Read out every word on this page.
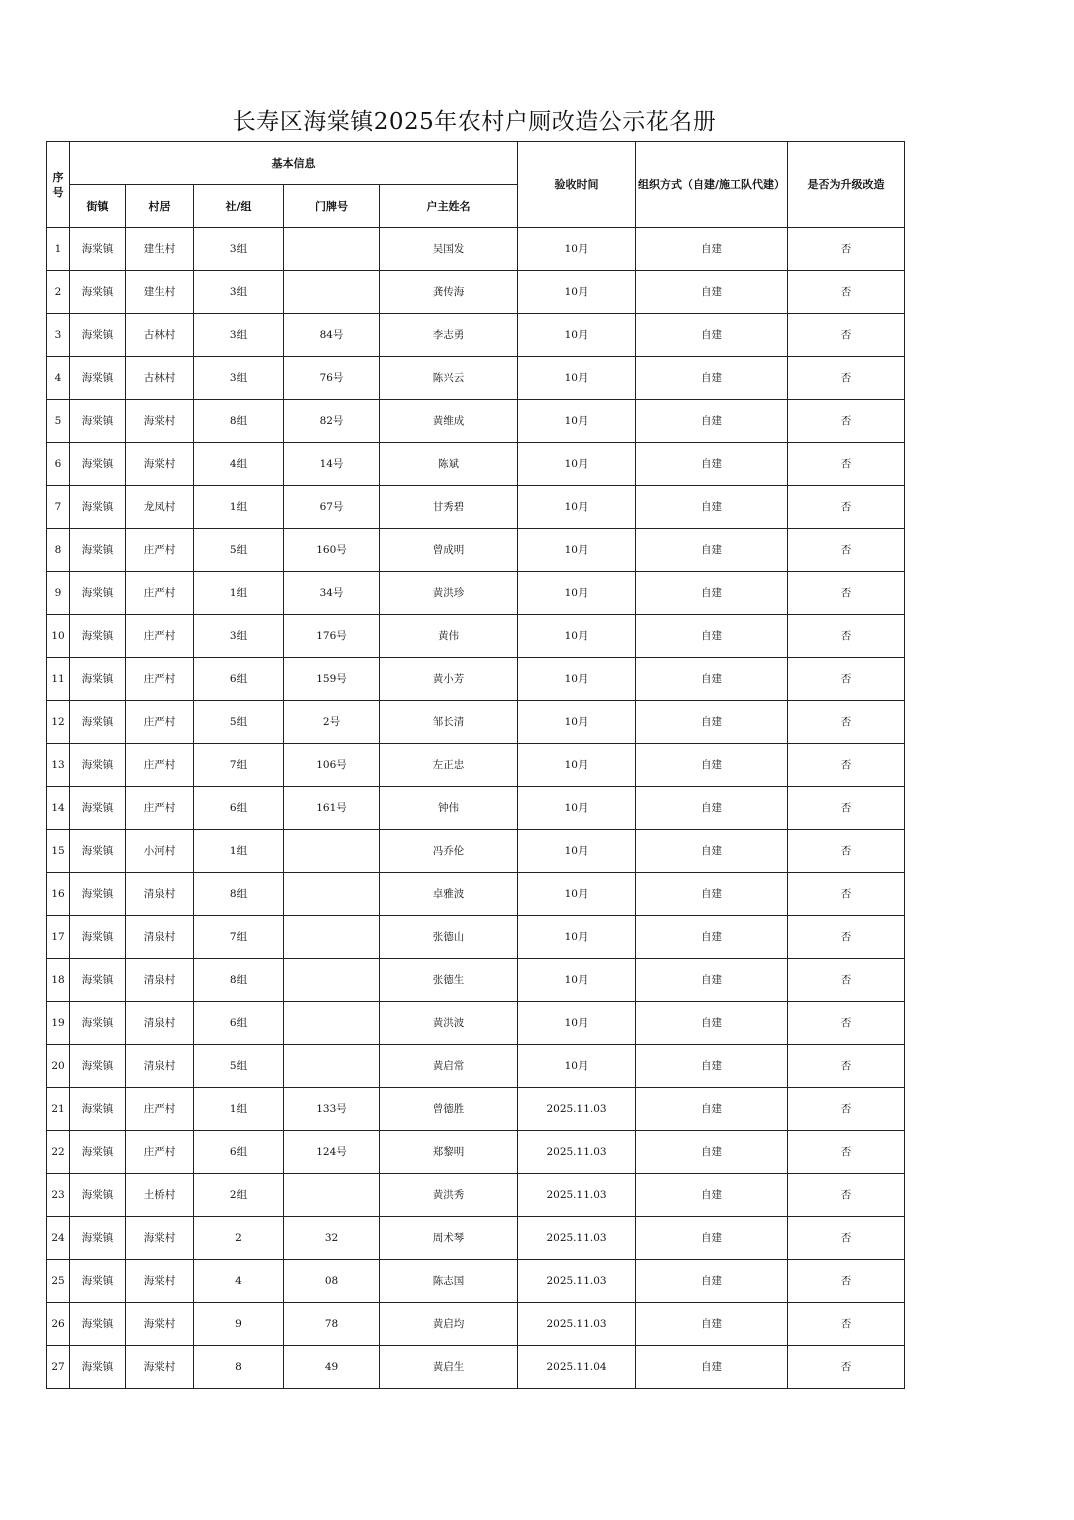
长寿区海棠镇2025年农村户厕改造公示花名册
序号	基本信息					验收时间	组织方式（自建/施工队代建）	是否为升级改造
	街镇	村居	社/组	门牌号	户主姓名			
1	海棠镇	建生村	3组		吴国发	10月	自建	否
2	海棠镇	建生村	3组		龚传海	10月	自建	否
3	海棠镇	古林村	3组	84号	李志勇	10月	自建	否
4	海棠镇	古林村	3组	76号	陈兴云	10月	自建	否
5	海棠镇	海棠村	8组	82号	黄维成	10月	自建	否
6	海棠镇	海棠村	4组	14号	陈斌	10月	自建	否
7	海棠镇	龙凤村	1组	67号	甘秀碧	10月	自建	否
8	海棠镇	庄严村	5组	160号	曾成明	10月	自建	否
9	海棠镇	庄严村	1组	34号	黄洪珍	10月	自建	否
10	海棠镇	庄严村	3组	176号	黄伟	10月	自建	否
11	海棠镇	庄严村	6组	159号	黄小芳	10月	自建	否
12	海棠镇	庄严村	5组	2号	邹长清	10月	自建	否
13	海棠镇	庄严村	7组	106号	左正忠	10月	自建	否
14	海棠镇	庄严村	6组	161号	钟伟	10月	自建	否
15	海棠镇	小河村	1组		冯乔伦	10月	自建	否
16	海棠镇	清泉村	8组		卓雅波	10月	自建	否
17	海棠镇	清泉村	7组		张德山	10月	自建	否
18	海棠镇	清泉村	8组		张德生	10月	自建	否
19	海棠镇	清泉村	6组		黄洪波	10月	自建	否
20	海棠镇	清泉村	5组		黄启常	10月	自建	否
21	海棠镇	庄严村	1组	133号	曾德胜	2025.11.03	自建	否
22	海棠镇	庄严村	6组	124号	郑黎明	2025.11.03	自建	否
23	海棠镇	土桥村	2组		黄洪秀	2025.11.03	自建	否
24	海棠镇	海棠村	2	32	周术琴	2025.11.03	自建	否
25	海棠镇	海棠村	4	08	陈志国	2025.11.03	自建	否
26	海棠镇	海棠村	9	78	黄启均	2025.11.03	自建	否
27	海棠镇	海棠村	8	49	黄启生	2025.11.04	自建	否
